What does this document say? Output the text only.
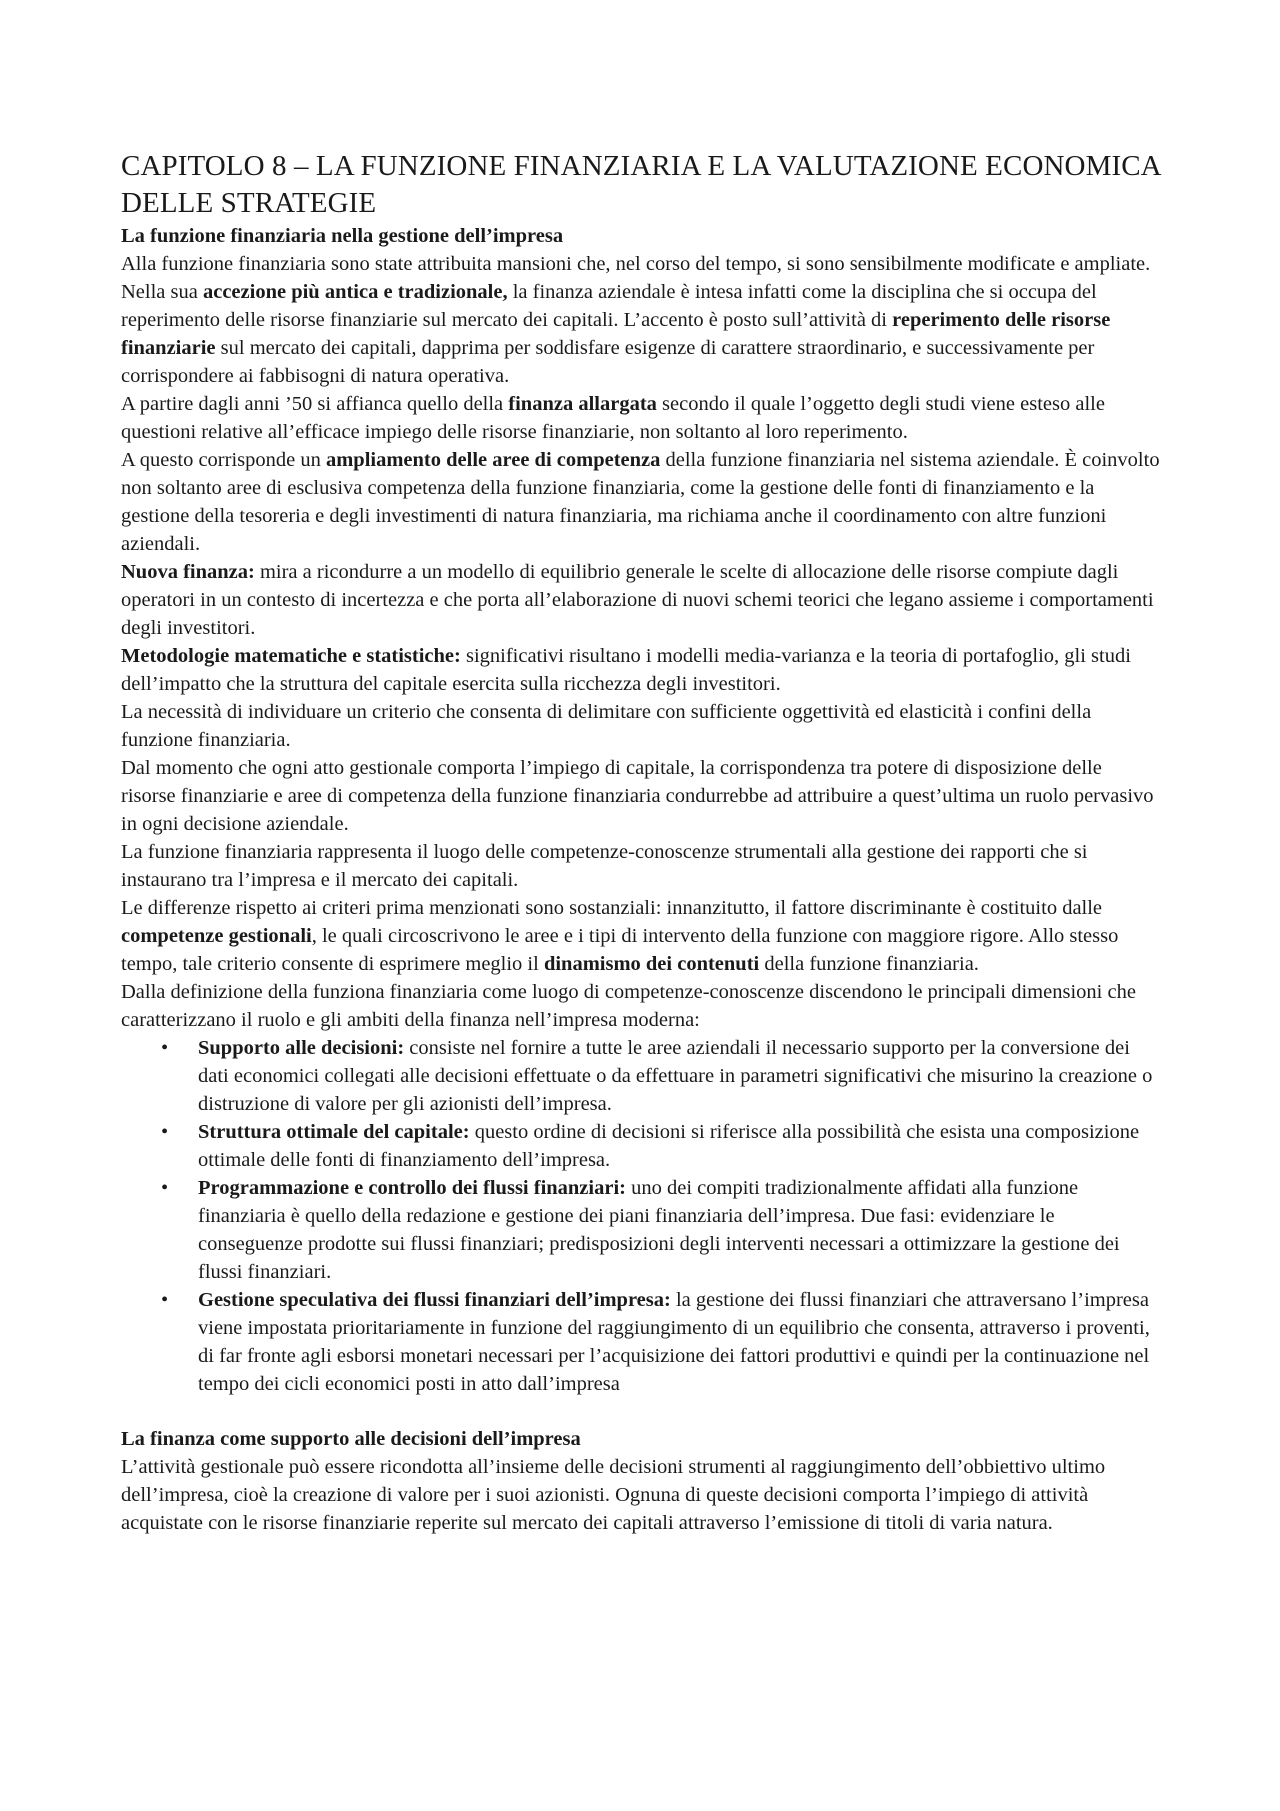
CAPITOLO 8 – LA FUNZIONE FINANZIARIA E LA VALUTAZIONE ECONOMICA DELLE STRATEGIE
La funzione finanziaria nella gestione dell’impresa

Alla funzione finanziaria sono state attribuita mansioni che, nel corso del tempo, si sono sensibilmente modificate e ampliate.

Nella sua accezione più antica e tradizionale, la finanza aziendale è intesa infatti come la disciplina che si occupa del reperimento delle risorse finanziarie sul mercato dei capitali. L’accento è posto sull’attività di reperimento delle risorse finanziarie sul mercato dei capitali, dapprima per soddisfare esigenze di carattere straordinario, e successivamente per corrispondere ai fabbisogni di natura operativa.

A partire dagli anni ’50 si affianca quello della finanza allargata secondo il quale l’oggetto degli studi viene esteso alle questioni relative all’efficace impiego delle risorse finanziarie, non soltanto al loro reperimento.

A questo corrisponde un ampliamento delle aree di competenza della funzione finanziaria nel sistema aziendale. È coinvolto non soltanto aree di esclusiva competenza della funzione finanziaria, come la gestione delle fonti di finanziamento e la gestione della tesoreria e degli investimenti di natura finanziaria, ma richiama anche il coordinamento con altre funzioni aziendali.

Nuova finanza: mira a ricondurre a un modello di equilibrio generale le scelte di allocazione delle risorse compiute dagli operatori in un contesto di incertezza e che porta all’elaborazione di nuovi schemi teorici che legano assieme i comportamenti degli investitori.

Metodologie matematiche e statistiche: significativi risultano i modelli media-varianza e la teoria di portafoglio, gli studi dell’impatto che la struttura del capitale esercita sulla ricchezza degli investitori.

La necessità di individuare un criterio che consenta di delimitare con sufficiente oggettività ed elasticità i confini della funzione finanziaria.

Dal momento che ogni atto gestionale comporta l’impiego di capitale, la corrispondenza tra potere di disposizione delle risorse finanziarie e aree di competenza della funzione finanziaria condurrebbe ad attribuire a quest’ultima un ruolo pervasivo in ogni decisione aziendale.

La funzione finanziaria rappresenta il luogo delle competenze-conoscenze strumentali alla gestione dei rapporti che si instaurano tra l’impresa e il mercato dei capitali.

Le differenze rispetto ai criteri prima menzionati sono sostanziali: innanzitutto, il fattore discriminante è costituito dalle competenze gestionali, le quali circoscrivono le aree e i tipi di intervento della funzione con maggiore rigore. Allo stesso tempo, tale criterio consente di esprimere meglio il dinamismo dei contenuti della funzione finanziaria.

Dalla definizione della funziona finanziaria come luogo di competenze-conoscenze discendono le principali dimensioni che caratterizzano il ruolo e gli ambiti della finanza nell’impresa moderna:

• Supporto alle decisioni: consiste nel fornire a tutte le aree aziendali il necessario supporto per la conversione dei dati economici collegati alle decisioni effettuate o da effettuare in parametri significativi che misurino la creazione o distruzione di valore per gli azionisti dell’impresa.
• Struttura ottimale del capitale: questo ordine di decisioni si riferisce alla possibilità che esista una composizione ottimale delle fonti di finanziamento dell’impresa.
• Programmazione e controllo dei flussi finanziari: uno dei compiti tradizionalmente affidati alla funzione finanziaria è quello della redazione e gestione dei piani finanziaria dell’impresa. Due fasi: evidenziare le conseguenze prodotte sui flussi finanziari; predisposizioni degli interventi necessari a ottimizzare la gestione dei flussi finanziari.
• Gestione speculativa dei flussi finanziari dell’impresa: la gestione dei flussi finanziari che attraversano l’impresa viene impostata prioritariamente in funzione del raggiungimento di un equilibrio che consenta, attraverso i proventi, di far fronte agli esborsi monetari necessari per l’acquisizione dei fattori produttivi e quindi per la continuazione nel tempo dei cicli economici posti in atto dall’impresa
La finanza come supporto alle decisioni dell’impresa

L’attività gestionale può essere ricondotta all’insieme delle decisioni strumenti al raggiungimento dell’obbiettivo ultimo dell’impresa, cioè la creazione di valore per i suoi azionisti. Ognuna di queste decisioni comporta l’impiego di attività acquistate con le risorse finanziarie reperite sul mercato dei capitali attraverso l’emissione di titoli di varia natura.
